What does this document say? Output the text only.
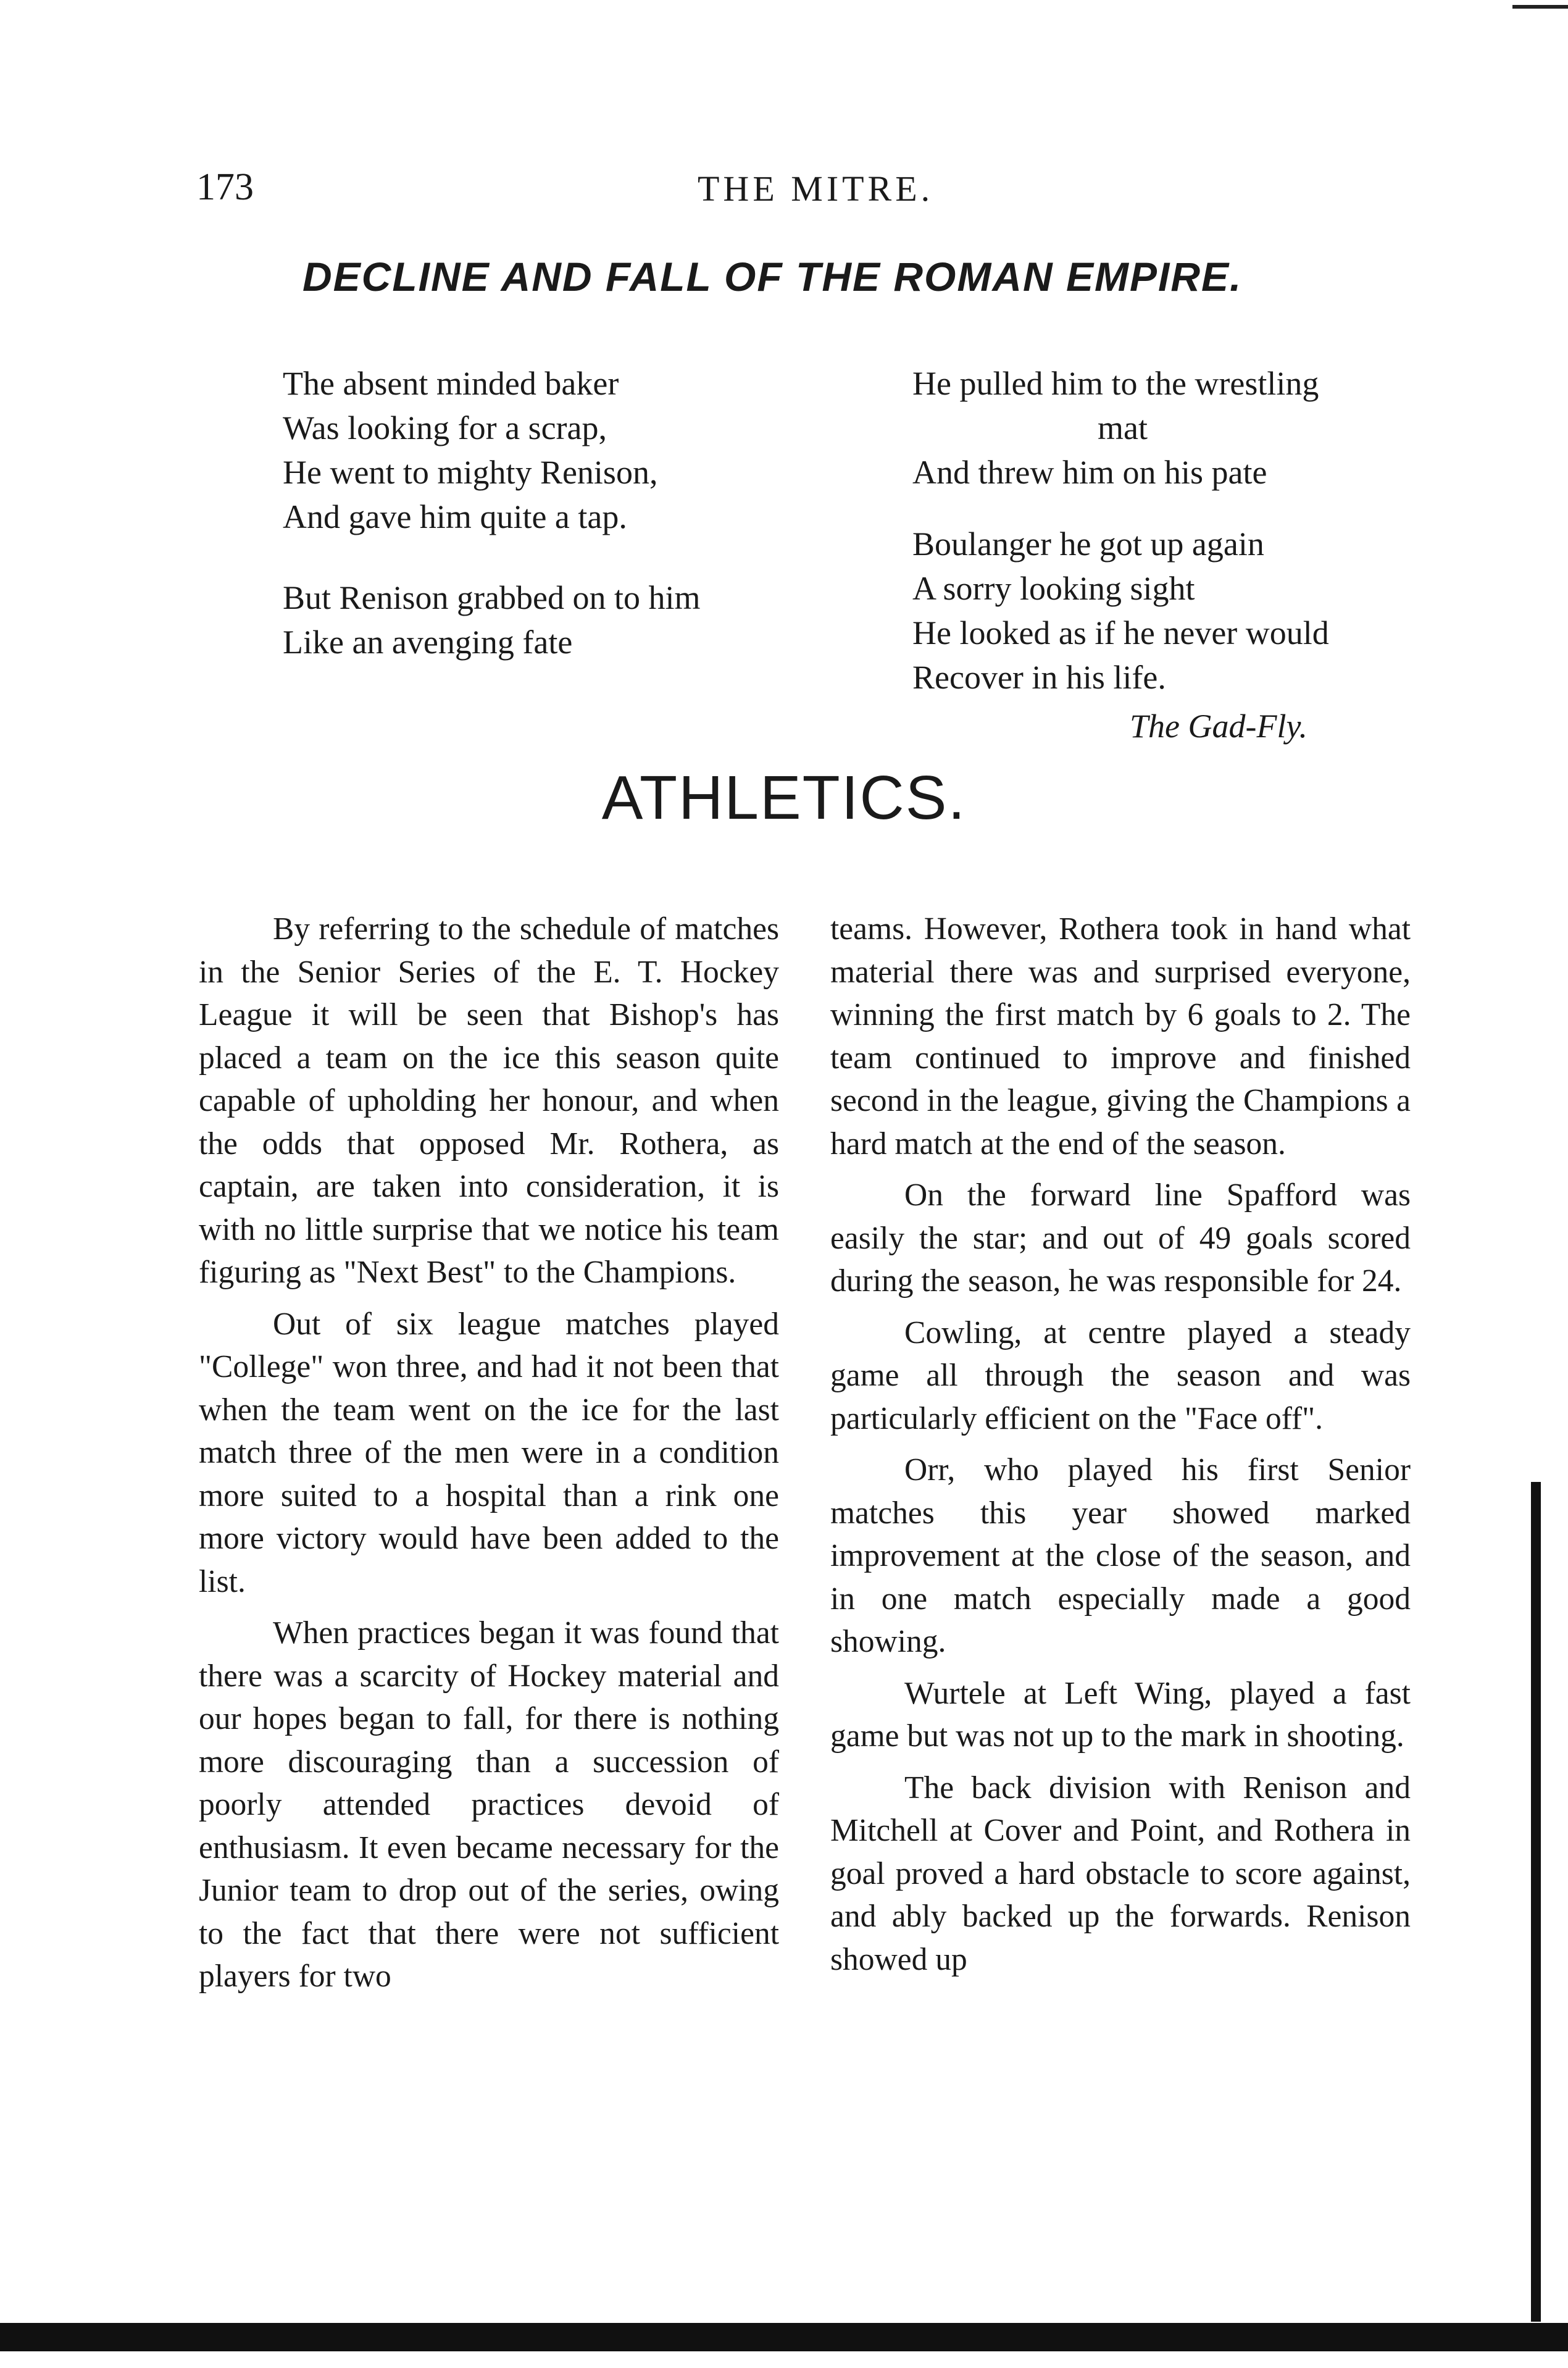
173	THE MITRE.
DECLINE AND FALL OF THE ROMAN EMPIRE.
The absent minded baker
Was looking for a scrap,
He went to mighty Renison,
And gave him quite a tap.
But Renison grabbed on to him
Like an avenging fate
He pulled him to the wrestling
mat
And threw him on his pate
Boulanger he got up again
A sorry looking sight
He looked as if he never would
Recover in his life.
The Gad-Fly.
ATHLETICS.

By referring to the schedule of matches in the Senior Series of the E. T. Hockey League it will be seen that Bishop's has placed a team on the ice this season quite capable of upholding her honour, and when the odds that opposed Mr. Rothera, as captain, are taken into consideration, it is with no little surprise that we notice his team figuring as "Next Best" to the Champions.

Out of six league matches played "College" won three, and had it not been that when the team went on the ice for the last match three of the men were in a condition more suited to a hospital than a rink one more victory would have been added to the list.

When practices began it was found that there was a scarcity of Hockey material and our hopes began to fall, for there is nothing more discouraging than a succession of poorly attended practices devoid of enthusiasm. It even became necessary for the Junior team to drop out of the series, owing to the fact that there were not sufficient players for two

teams. However, Rothera took in hand what material there was and surprised everyone, winning the first match by 6 goals to 2. The team continued to improve and finished second in the league, giving the Champions a hard match at the end of the season.

On the forward line Spafford was easily the star; and out of 49 goals scored during the season, he was responsible for 24.

Cowling, at centre played a steady game all through the season and was particularly efficient on the "Face off".

Orr, who played his first Senior matches this year showed marked improvement at the close of the season, and in one match especially made a good showing.

Wurtele at Left Wing, played a fast game but was not up to the mark in shooting.

The back division with Renison and Mitchell at Cover and Point, and Rothera in goal proved a hard obstacle to score against, and ably backed up the forwards. Renison showed up
